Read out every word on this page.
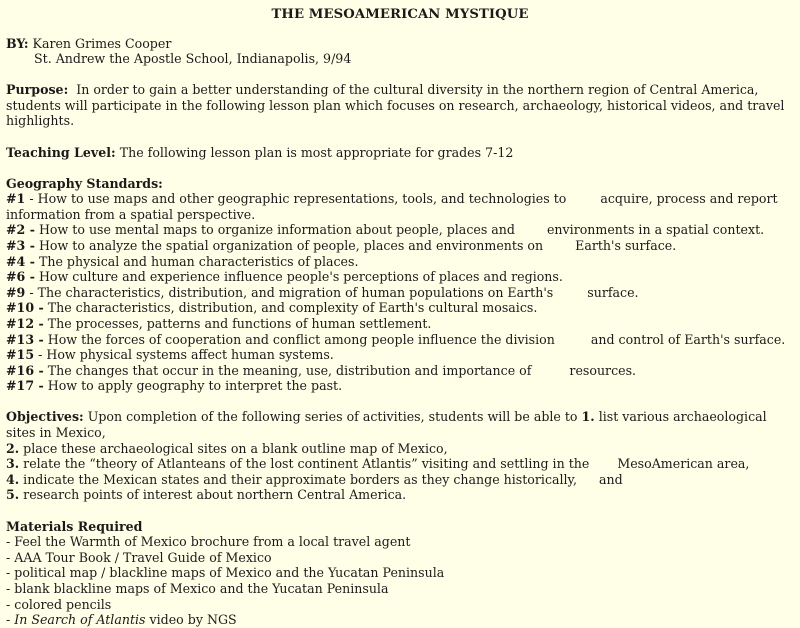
THE MESOAMERICAN MYSTIQUE
BY: Karen Grimes Cooper
St. Andrew the Apostle School, Indianapolis, 9/94
Purpose: In order to gain a better understanding of the cultural diversity in the northern region of Central America, students will participate in the following lesson plan which focuses on research, archaeology, historical videos, and travel highlights.
Teaching Level: The following lesson plan is most appropriate for grades 7-12
Geography Standards:
#1 - How to use maps and other geographic representations, tools, and technologies to	acquire, process and report information from a spatial perspective.
#2 - How to use mental maps to organize information about people, places and	environments in a spatial context.
#3 - How to analyze the spatial organization of people, places and environments on	Earth's surface.
#4 - The physical and human characteristics of places.
#6 - How culture and experience influence people's perceptions of places and regions.
#9 - The characteristics, distribution, and migration of human populations on Earth's	surface.
#10 - The characteristics, distribution, and complexity of Earth's cultural mosaics.
#12 - The processes, patterns and functions of human settlement.
#13 - How the forces of cooperation and conflict among people influence the division	and control of Earth's surface.
#15 - How physical systems affect human systems.
#16 - The changes that occur in the meaning, use, distribution and importance of	resources.
#17 - How to apply geography to interpret the past.
Objectives: Upon completion of the following series of activities, students will be able to 1. list various archaeological sites in Mexico,
2. place these archaeological sites on a blank outline map of Mexico,
3. relate the “theory of Atlanteans of the lost continent Atlantis” visiting and settling in the MesoAmerican area,
4. indicate the Mexican states and their approximate borders as they change historically, and
5. research points of interest about northern Central America.
Materials Required
- Feel the Warmth of Mexico brochure from a local travel agent
- AAA Tour Book / Travel Guide of Mexico
- political map / blackline maps of Mexico and the Yucatan Peninsula
- blank blackline maps of Mexico and the Yucatan Peninsula
- colored pencils
- In Search of Atlantis video by NGS
